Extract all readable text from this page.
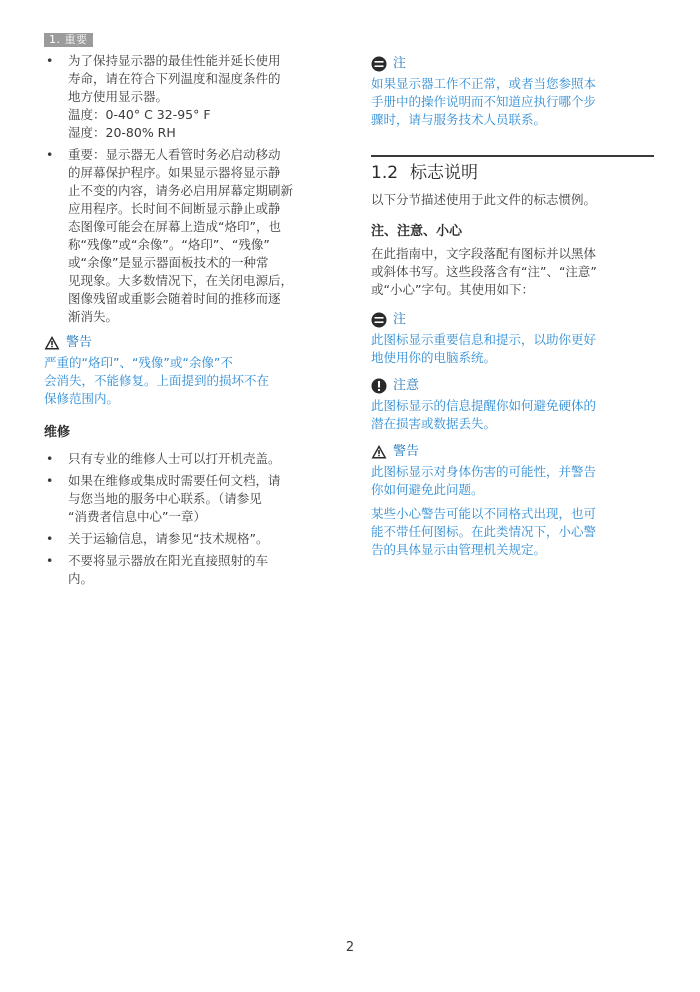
1. 重要
• 为了保持显示器的最佳性能并延长使用
寿命，请在符合下列温度和湿度条件的
地方使用显示器。
温度：0-40° C 32-95° F
湿度：20-80% RH
• 重要：显示器无人看管时务必启动移动
的屏幕保护程序。如果显示器将显示静
止不变的内容，请务必启用屏幕定期刷新
应用程序。长时间不间断显示静止或静
态图像可能会在屏幕上造成“烙印”，也
称“残像”或“余像”。“烙印”、“残像”
或“余像”是显示器面板技术的一种常
见现象。大多数情况下，在关闭电源后，
图像残留或重影会随着时间的推移而逐
渐消失。
警告
严重的“烙印”、“残像”或“余像”不
会消失，不能修复。上面提到的损坏不在
保修范围内。
维修
• 只有专业的维修人士可以打开机壳盖。
• 如果在维修或集成时需要任何文档，请
与您当地的服务中心联系。（请参见
“消费者信息中心”一章）
• 关于运输信息，请参见“技术规格”。
• 不要将显示器放在阳光直接照射的车
内。
注
如果显示器工作不正常，或者当您参照本
手册中的操作说明而不知道应执行哪个步
骤时，请与服务技术人员联系。
1.2 标志说明
以下分节描述使用于此文件的标志惯例。
注、注意、小心
在此指南中，文字段落配有图标并以黑体
或斜体书写。这些段落含有“注”、“注意”
或“小心”字句。其使用如下：
注
此图标显示重要信息和提示，以助你更好
地使用你的电脑系统。
注意
此图标显示的信息提醒你如何避免硬体的
潜在损害或数据丢失。
警告
此图标显示对身体伤害的可能性，并警告
你如何避免此问题。
某些小心警告可能以不同格式出现，也可
能不带任何图标。在此类情况下，小心警
告的具体显示由管理机关规定。
2
